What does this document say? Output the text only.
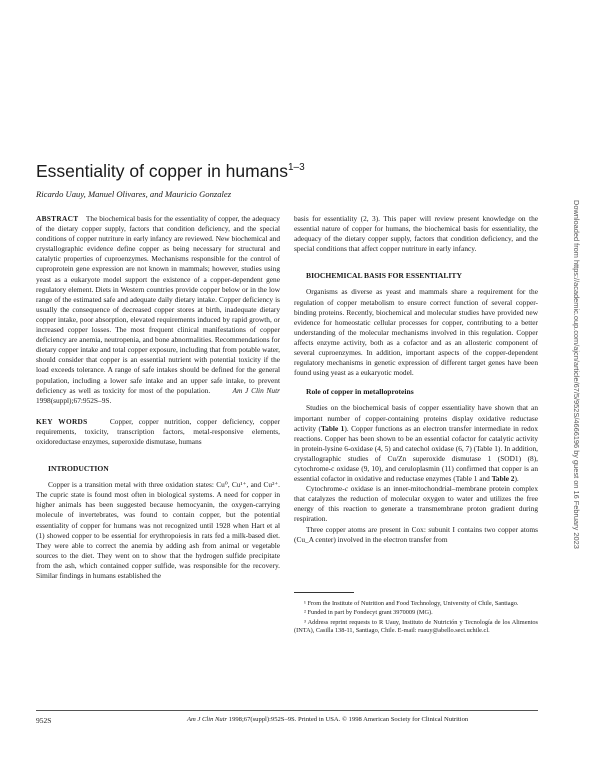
Essentiality of copper in humans$^{1-3}$

Ricardo Uauy, Manuel Olivares, and Mauricio Gonzalez

ABSTRACT The biochemical basis for the essentiality of copper, the adequacy of the dietary copper supply, factors that condition deficiency, and the special conditions of copper nutriture in early infancy are reviewed. New biochemical and crystallographic evidence define copper as being necessary for structural and catalytic properties of cuproenzymes. Mechanisms responsible for the control of cuproprotein gene expression are not known in mammals; however, studies using yeast as a eukaryote model support the existence of a copper-dependent gene regulatory element. Diets in Western countries provide copper below or in the low range of the estimated safe and adequate daily dietary intake. Copper deficiency is usually the consequence of decreased copper stores at birth, inadequate dietary copper intake, poor absorption, elevated requirements induced by rapid growth, or increased copper losses. The most frequent clinical manifestations of copper deficiency are anemia, neutropenia, and bone abnormalities. Recommendations for dietary copper intake and total copper exposure, including that from potable water, should consider that copper is an essential nutrient with potential toxicity if the load exceeds tolerance. A range of safe intakes should be defined for the general population, including a lower safe intake and an upper safe intake, to prevent deficiency as well as toxicity for most of the population.	Am J Clin Nutr 1998(suppl);67:952S–9S.

KEY WORDS	Copper, copper nutrition, copper deficiency, copper requirements, toxicity, transcription factors, metal-responsive elements, oxidoreductase enzymes, superoxide dismutase, humans

INTRODUCTION

Copper is a transition metal with three oxidation states: Cu⁰, Cu¹⁺, and Cu²⁺. The cupric state is found most often in biological systems. A need for copper in higher animals has been suggested because hemocyanin, the oxygen-carrying molecule of invertebrates, was found to contain copper, but the potential essentiality of copper for humans was not recognized until 1928 when Hart et al (1) showed copper to be essential for erythropoiesis in rats fed a milk-based diet. They were able to correct the anemia by adding ash from animal or vegetable sources to the diet. They went on to show that the hydrogen sulfide precipitate from the ash, which contained copper sulfide, was responsible for the recovery. Similar findings in humans established the

basis for essentiality (2, 3). This paper will review present knowledge on the essential nature of copper for humans, the biochemical basis for essentiality, the adequacy of the dietary copper supply, factors that condition deficiency, and the special conditions that affect copper nutriture in early infancy.

BIOCHEMICAL BASIS FOR ESSENTIALITY

Organisms as diverse as yeast and mammals share a requirement for the regulation of copper metabolism to ensure correct function of several copper-binding proteins. Recently, biochemical and molecular studies have provided new evidence for homeostatic cellular processes for copper, contributing to a better understanding of the molecular mechanisms involved in this regulation. Copper affects enzyme activity, both as a cofactor and as an allosteric component of several cuproenzymes. In addition, important aspects of the copper-dependent regulatory mechanisms in genetic expression of different target genes have been found using yeast as a eukaryotic model.

Role of copper in metalloproteins

Studies on the biochemical basis of copper essentiality have shown that an important number of copper-containing proteins display oxidative reductase activity (Table 1). Copper functions as an electron transfer intermediate in redox reactions. Copper has been shown to be an essential cofactor for catalytic activity in protein-lysine 6-oxidase (4, 5) and catechol oxidase (6, 7) (Table 1). In addition, crystallographic studies of Cu/Zn superoxide dismutase 1 (SOD1) (8), cytochrome-c oxidase (9, 10), and ceruloplasmin (11) confirmed that copper is an essential cofactor in oxidative and reductase enzymes (Table 1 and Table 2).

Cytochrome-c oxidase is an inner-mitochondrial–membrane protein complex that catalyzes the reduction of molecular oxygen to water and utilizes the free energy of this reaction to generate a transmembrane proton gradient during respiration.

Three copper atoms are present in Cox: subunit I contains two copper atoms (Cu_A center) involved in the electron transfer from

¹ From the Institute of Nutrition and Food Technology, University of Chile, Santiago.

² Funded in part by Fondecyt grant 3970009 (MG).

³ Address reprint requests to R Uauy, Instituto de Nutrición y Tecnología de los Alimentos (INTA), Casilla 138-11, Santiago, Chile. E-mail: ruauy@abello.seci.uchile.cl.

952S	Am J Clin Nutr 1998;67(suppl):952S–9S. Printed in USA. © 1998 American Society for Clinical Nutrition
Downloaded from https://academic.oup.com/ajcn/article/67/5/952S/4666196 by guest on 16 February 2023
